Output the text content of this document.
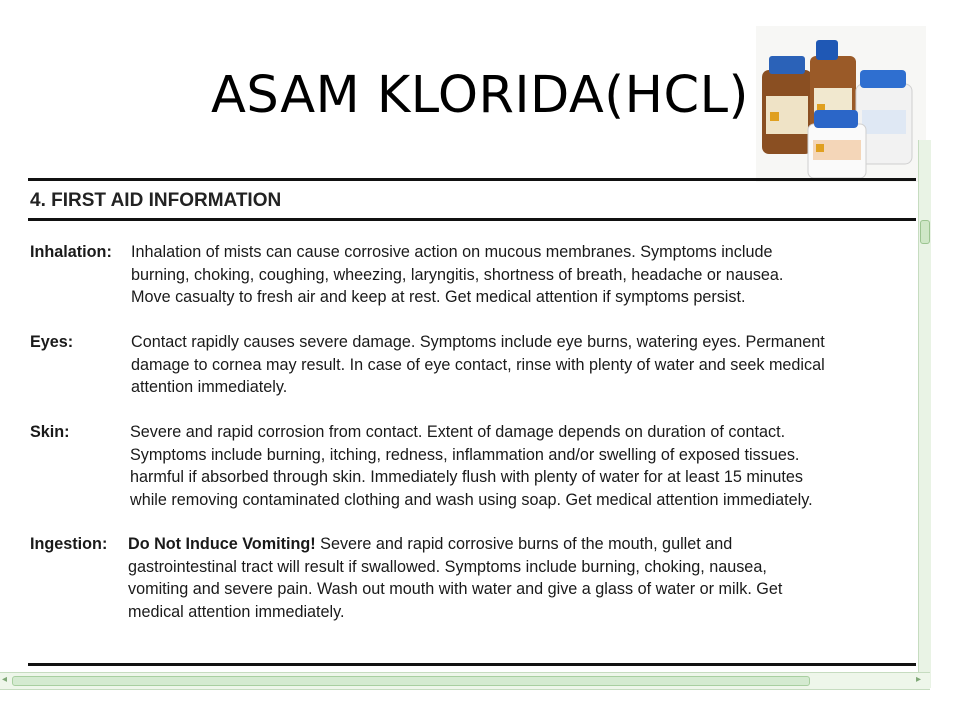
ASAM KLORIDA(HCL)
4. FIRST AID INFORMATION
Inhalation: Inhalation of mists can cause corrosive action on mucous membranes. Symptoms include
burning, choking, coughing, wheezing, laryngitis, shortness of breath, headache or nausea.
Move casualty to fresh air and keep at rest. Get medical attention if symptoms persist.
Eyes:	Contact rapidly causes severe damage. Symptoms include eye burns, watering eyes. Permanent
damage to cornea may result. In case of eye contact, rinse with plenty of water and seek medical
attention immediately.
Skin:	Severe and rapid corrosion from contact. Extent of damage depends on duration of contact.
Symptoms include burning, itching, redness, inflammation and/or swelling of exposed tissues.
harmful if absorbed through skin. Immediately flush with plenty of water for at least 15 minutes
while removing contaminated clothing and wash using soap. Get medical attention immediately.
Ingestion: Do Not Induce Vomiting! Severe and rapid corrosive burns of the mouth, gullet and
gastrointestinal tract will result if swallowed. Symptoms include burning, choking, nausea,
vomiting and severe pain. Wash out mouth with water and give a glass of water or milk. Get
medical attention immediately.
◂	▸
